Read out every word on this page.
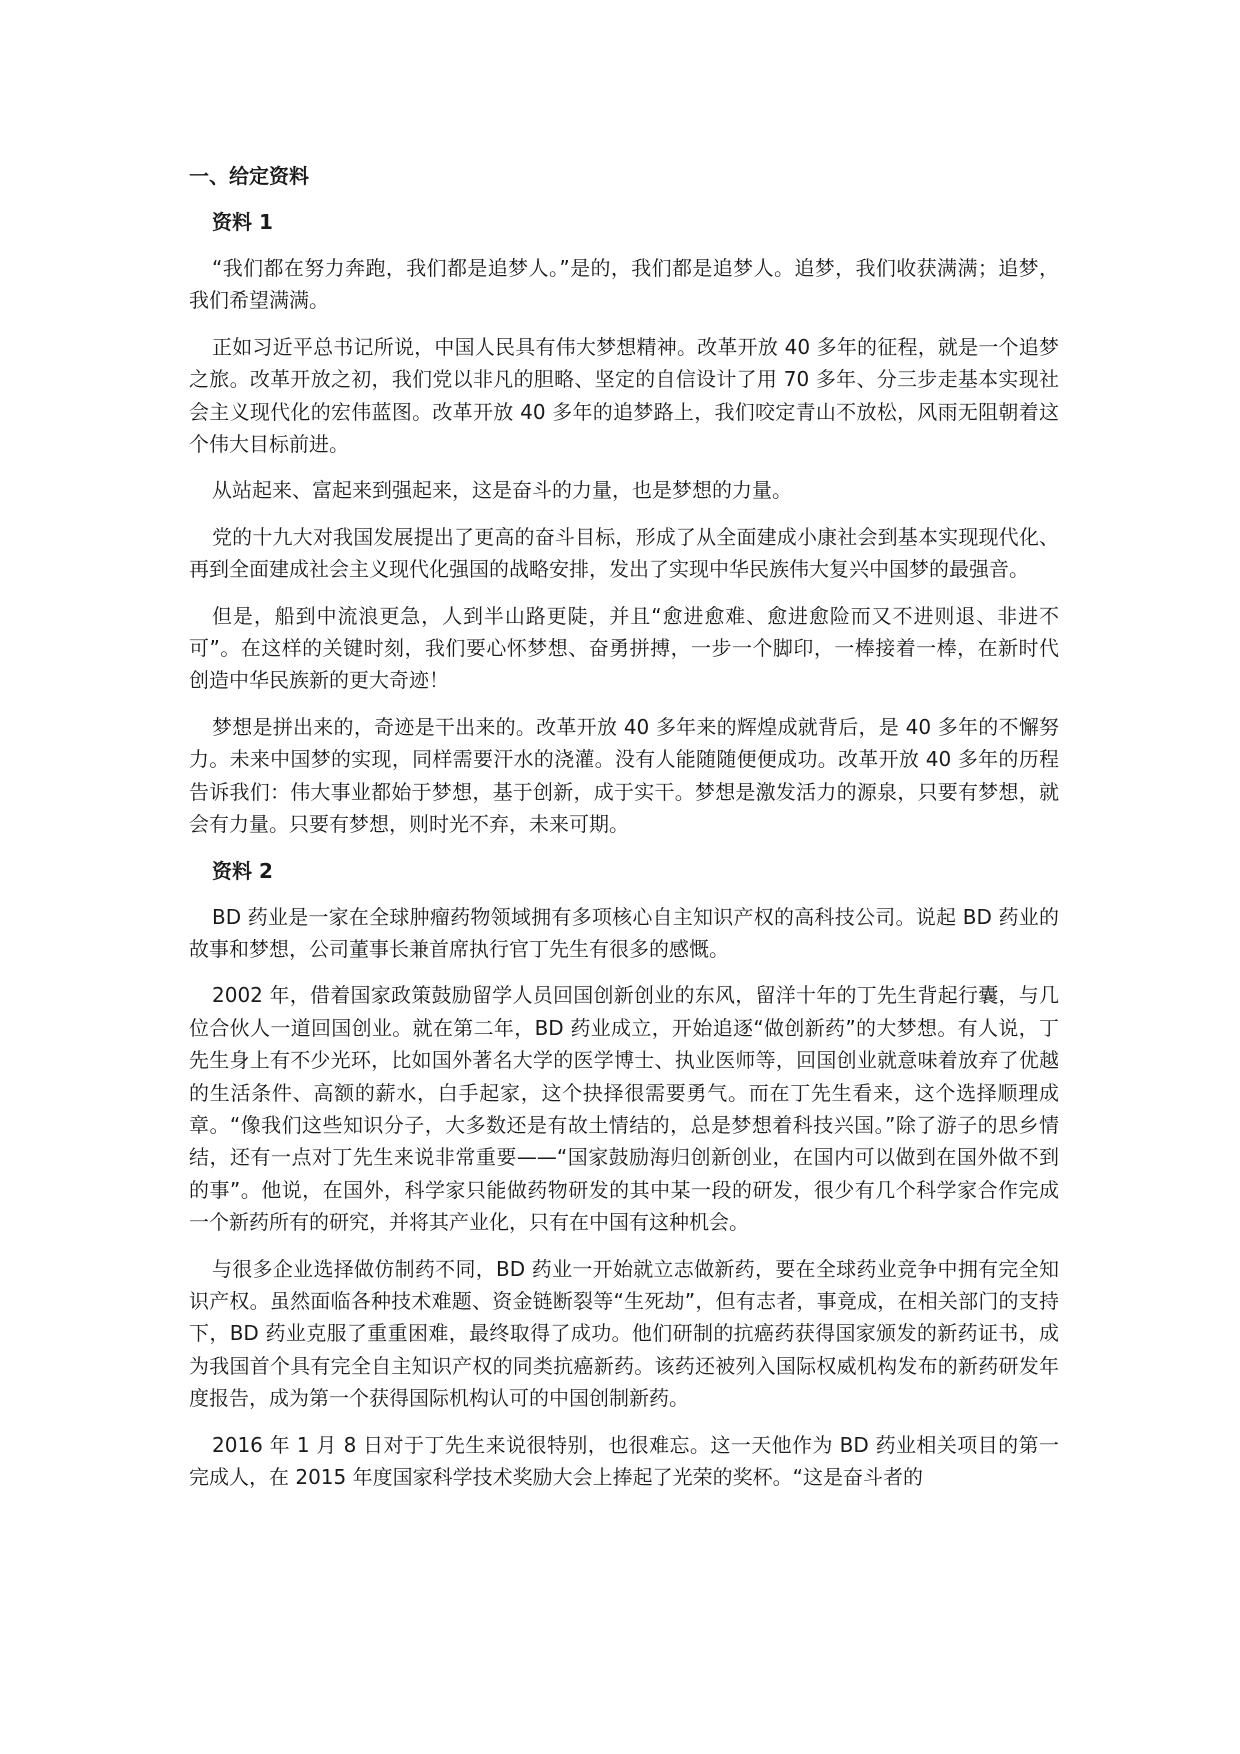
一、给定资料
资料 1

“我们都在努力奔跑，我们都是追梦人。”是的，我们都是追梦人。追梦，我们收获满满；追梦，我们希望满满。

正如习近平总书记所说，中国人民具有伟大梦想精神。改革开放 40 多年的征程，就是一个追梦之旅。改革开放之初，我们党以非凡的胆略、坚定的自信设计了用 70 多年、分三步走基本实现社会主义现代化的宏伟蓝图。改革开放 40 多年的追梦路上，我们咬定青山不放松，风雨无阻朝着这个伟大目标前进。

从站起来、富起来到强起来，这是奋斗的力量，也是梦想的力量。

党的十九大对我国发展提出了更高的奋斗目标，形成了从全面建成小康社会到基本实现现代化、再到全面建成社会主义现代化强国的战略安排，发出了实现中华民族伟大复兴中国梦的最强音。

但是，船到中流浪更急，人到半山路更陡，并且“愈进愈难、愈进愈险而又不进则退、非进不可”。在这样的关键时刻，我们要心怀梦想、奋勇拼搏，一步一个脚印，一棒接着一棒，在新时代创造中华民族新的更大奇迹！

梦想是拼出来的，奇迹是干出来的。改革开放 40 多年来的辉煌成就背后，是 40 多年的不懈努力。未来中国梦的实现，同样需要汗水的浇灌。没有人能随随便便成功。改革开放 40 多年的历程告诉我们：伟大事业都始于梦想，基于创新，成于实干。梦想是激发活力的源泉，只要有梦想，就会有力量。只要有梦想，则时光不弃，未来可期。

资料 2

BD 药业是一家在全球肿瘤药物领域拥有多项核心自主知识产权的高科技公司。说起 BD 药业的故事和梦想，公司董事长兼首席执行官丁先生有很多的感慨。

2002 年，借着国家政策鼓励留学人员回国创新创业的东风，留洋十年的丁先生背起行囊，与几位合伙人一道回国创业。就在第二年，BD 药业成立，开始追逐“做创新药”的大梦想。有人说，丁先生身上有不少光环，比如国外著名大学的医学博士、执业医师等，回国创业就意味着放弃了优越的生活条件、高额的薪水，白手起家，这个抉择很需要勇气。而在丁先生看来，这个选择顺理成章。“像我们这些知识分子，大多数还是有故土情结的，总是梦想着科技兴国。”除了游子的思乡情结，还有一点对丁先生来说非常重要——“国家鼓励海归创新创业，在国内可以做到在国外做不到的事”。他说，在国外，科学家只能做药物研发的其中某一段的研发，很少有几个科学家合作完成一个新药所有的研究，并将其产业化，只有在中国有这种机会。

与很多企业选择做仿制药不同，BD 药业一开始就立志做新药，要在全球药业竞争中拥有完全知识产权。虽然面临各种技术难题、资金链断裂等“生死劫”，但有志者，事竟成，在相关部门的支持下，BD 药业克服了重重困难，最终取得了成功。他们研制的抗癌药获得国家颁发的新药证书，成为我国首个具有完全自主知识产权的同类抗癌新药。该药还被列入国际权威机构发布的新药研发年度报告，成为第一个获得国际机构认可的中国创制新药。

2016 年 1 月 8 日对于丁先生来说很特别，也很难忘。这一天他作为 BD 药业相关项目的第一完成人，在 2015 年度国家科学技术奖励大会上捧起了光荣的奖杯。“这是奋斗者的
